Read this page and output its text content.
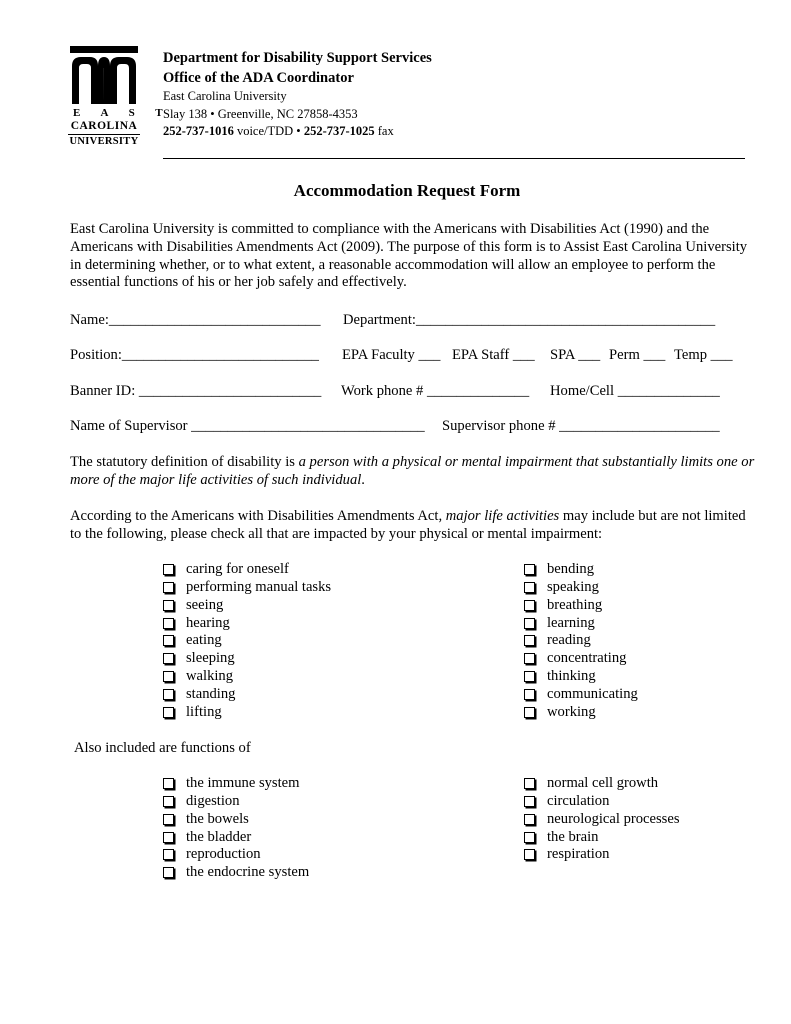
E A S T
CAROLINA
UNIVERSITY
Department for Disability Support Services
Office of the ADA Coordinator
East Carolina University
Slay 138 • Greenville, NC 27858-4353
252-737-1016 voice/TDD • 252-737-1025 fax
Accommodation Request Form
East Carolina University is committed to compliance with the Americans with Disabilities Act (1990) and the Americans with Disabilities Amendments Act (2009). The purpose of this form is to Assist East Carolina University in determining whether, or to what extent, a reasonable accommodation will allow an employee to perform the essential functions of his or her job safely and effectively.
Name:_____________________________ Department:_________________________________________
Position:___________________________ EPA Faculty ___ EPA Staff ___ SPA ___ Perm ___ Temp ___
Banner ID: _________________________ Work phone # ______________ Home/Cell ______________
Name of Supervisor ________________________________ Supervisor phone # ______________________
The statutory definition of disability is a person with a physical or mental impairment that substantially limits one or more of the major life activities of such individual.
According to the Americans with Disabilities Amendments Act, major life activities may include but are not limited to the following, please check all that are impacted by your physical or mental impairment:
caring for oneself
performing manual tasks
seeing
hearing
eating
sleeping
walking
standing
lifting
bending
speaking
breathing
learning
reading
concentrating
thinking
communicating
working
Also included are functions of
the immune system
digestion
the bowels
the bladder
reproduction
the endocrine system
normal cell growth
circulation
neurological processes
the brain
respiration
